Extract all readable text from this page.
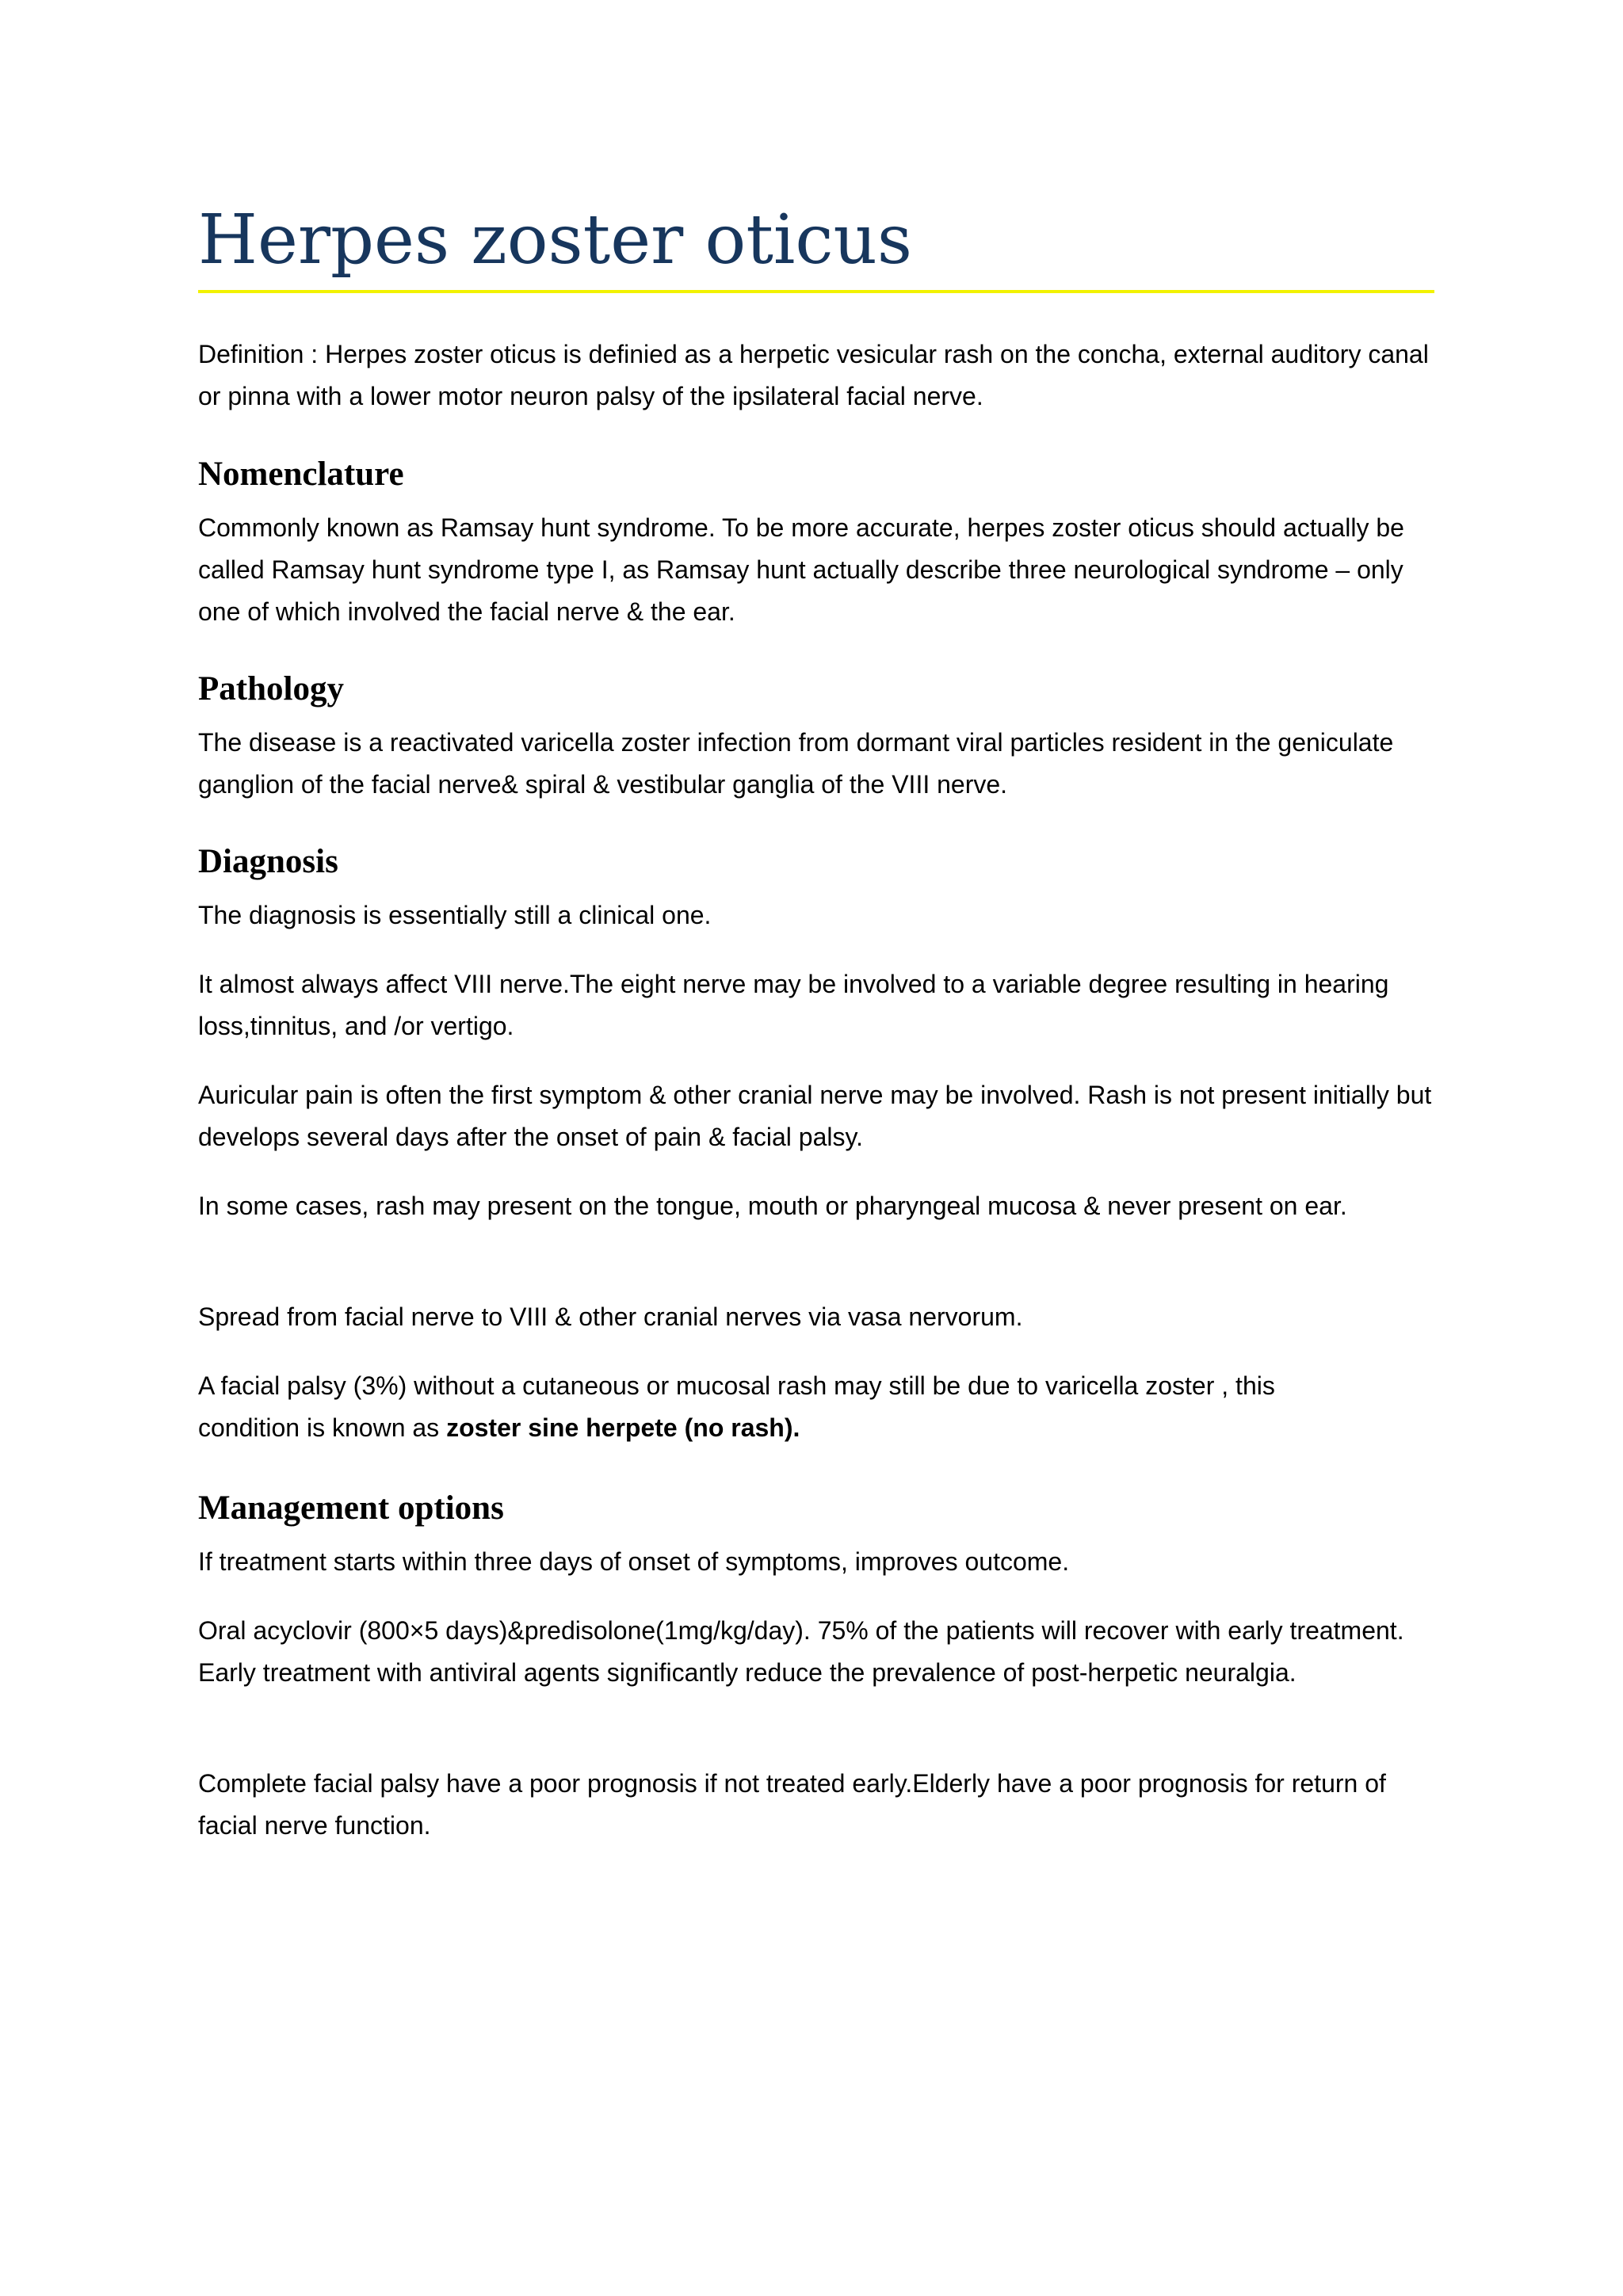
Herpes zoster oticus

Definition : Herpes zoster oticus is definied as a herpetic vesicular rash on the concha, external auditory canal or pinna with a lower motor neuron palsy of the ipsilateral facial nerve.

Nomenclature

Commonly known as Ramsay hunt syndrome. To be more accurate, herpes zoster oticus should actually be called Ramsay hunt syndrome type I, as Ramsay hunt actually describe three neurological syndrome – only one of which involved the facial nerve & the ear.

Pathology

The disease is a reactivated varicella zoster infection from dormant viral particles resident in the geniculate ganglion of the facial nerve& spiral & vestibular ganglia of the VIII nerve.

Diagnosis

The diagnosis is essentially still a clinical one.

It almost always affect VIII nerve.The eight nerve may be involved to a variable degree resulting in hearing loss,tinnitus, and /or vertigo.

Auricular pain is often the first symptom & other cranial nerve may be involved. Rash is not present initially but develops several days after the onset of pain & facial palsy.

In some cases, rash may present on the tongue, mouth or pharyngeal mucosa & never present on ear.

Spread from facial nerve to VIII & other cranial nerves via vasa nervorum.

A facial palsy (3%) without a cutaneous or mucosal rash may still be due to varicella zoster , this
condition is known as zoster sine herpete (no rash).

Management options

If treatment starts within three days of onset of symptoms, improves outcome.

Oral acyclovir (800×5 days)&predisolone(1mg/kg/day). 75% of the patients will recover with early treatment. Early treatment with antiviral agents significantly reduce the prevalence of post-herpetic neuralgia.

Complete facial palsy have a poor prognosis if not treated early.Elderly have a poor prognosis for return of facial nerve function.
